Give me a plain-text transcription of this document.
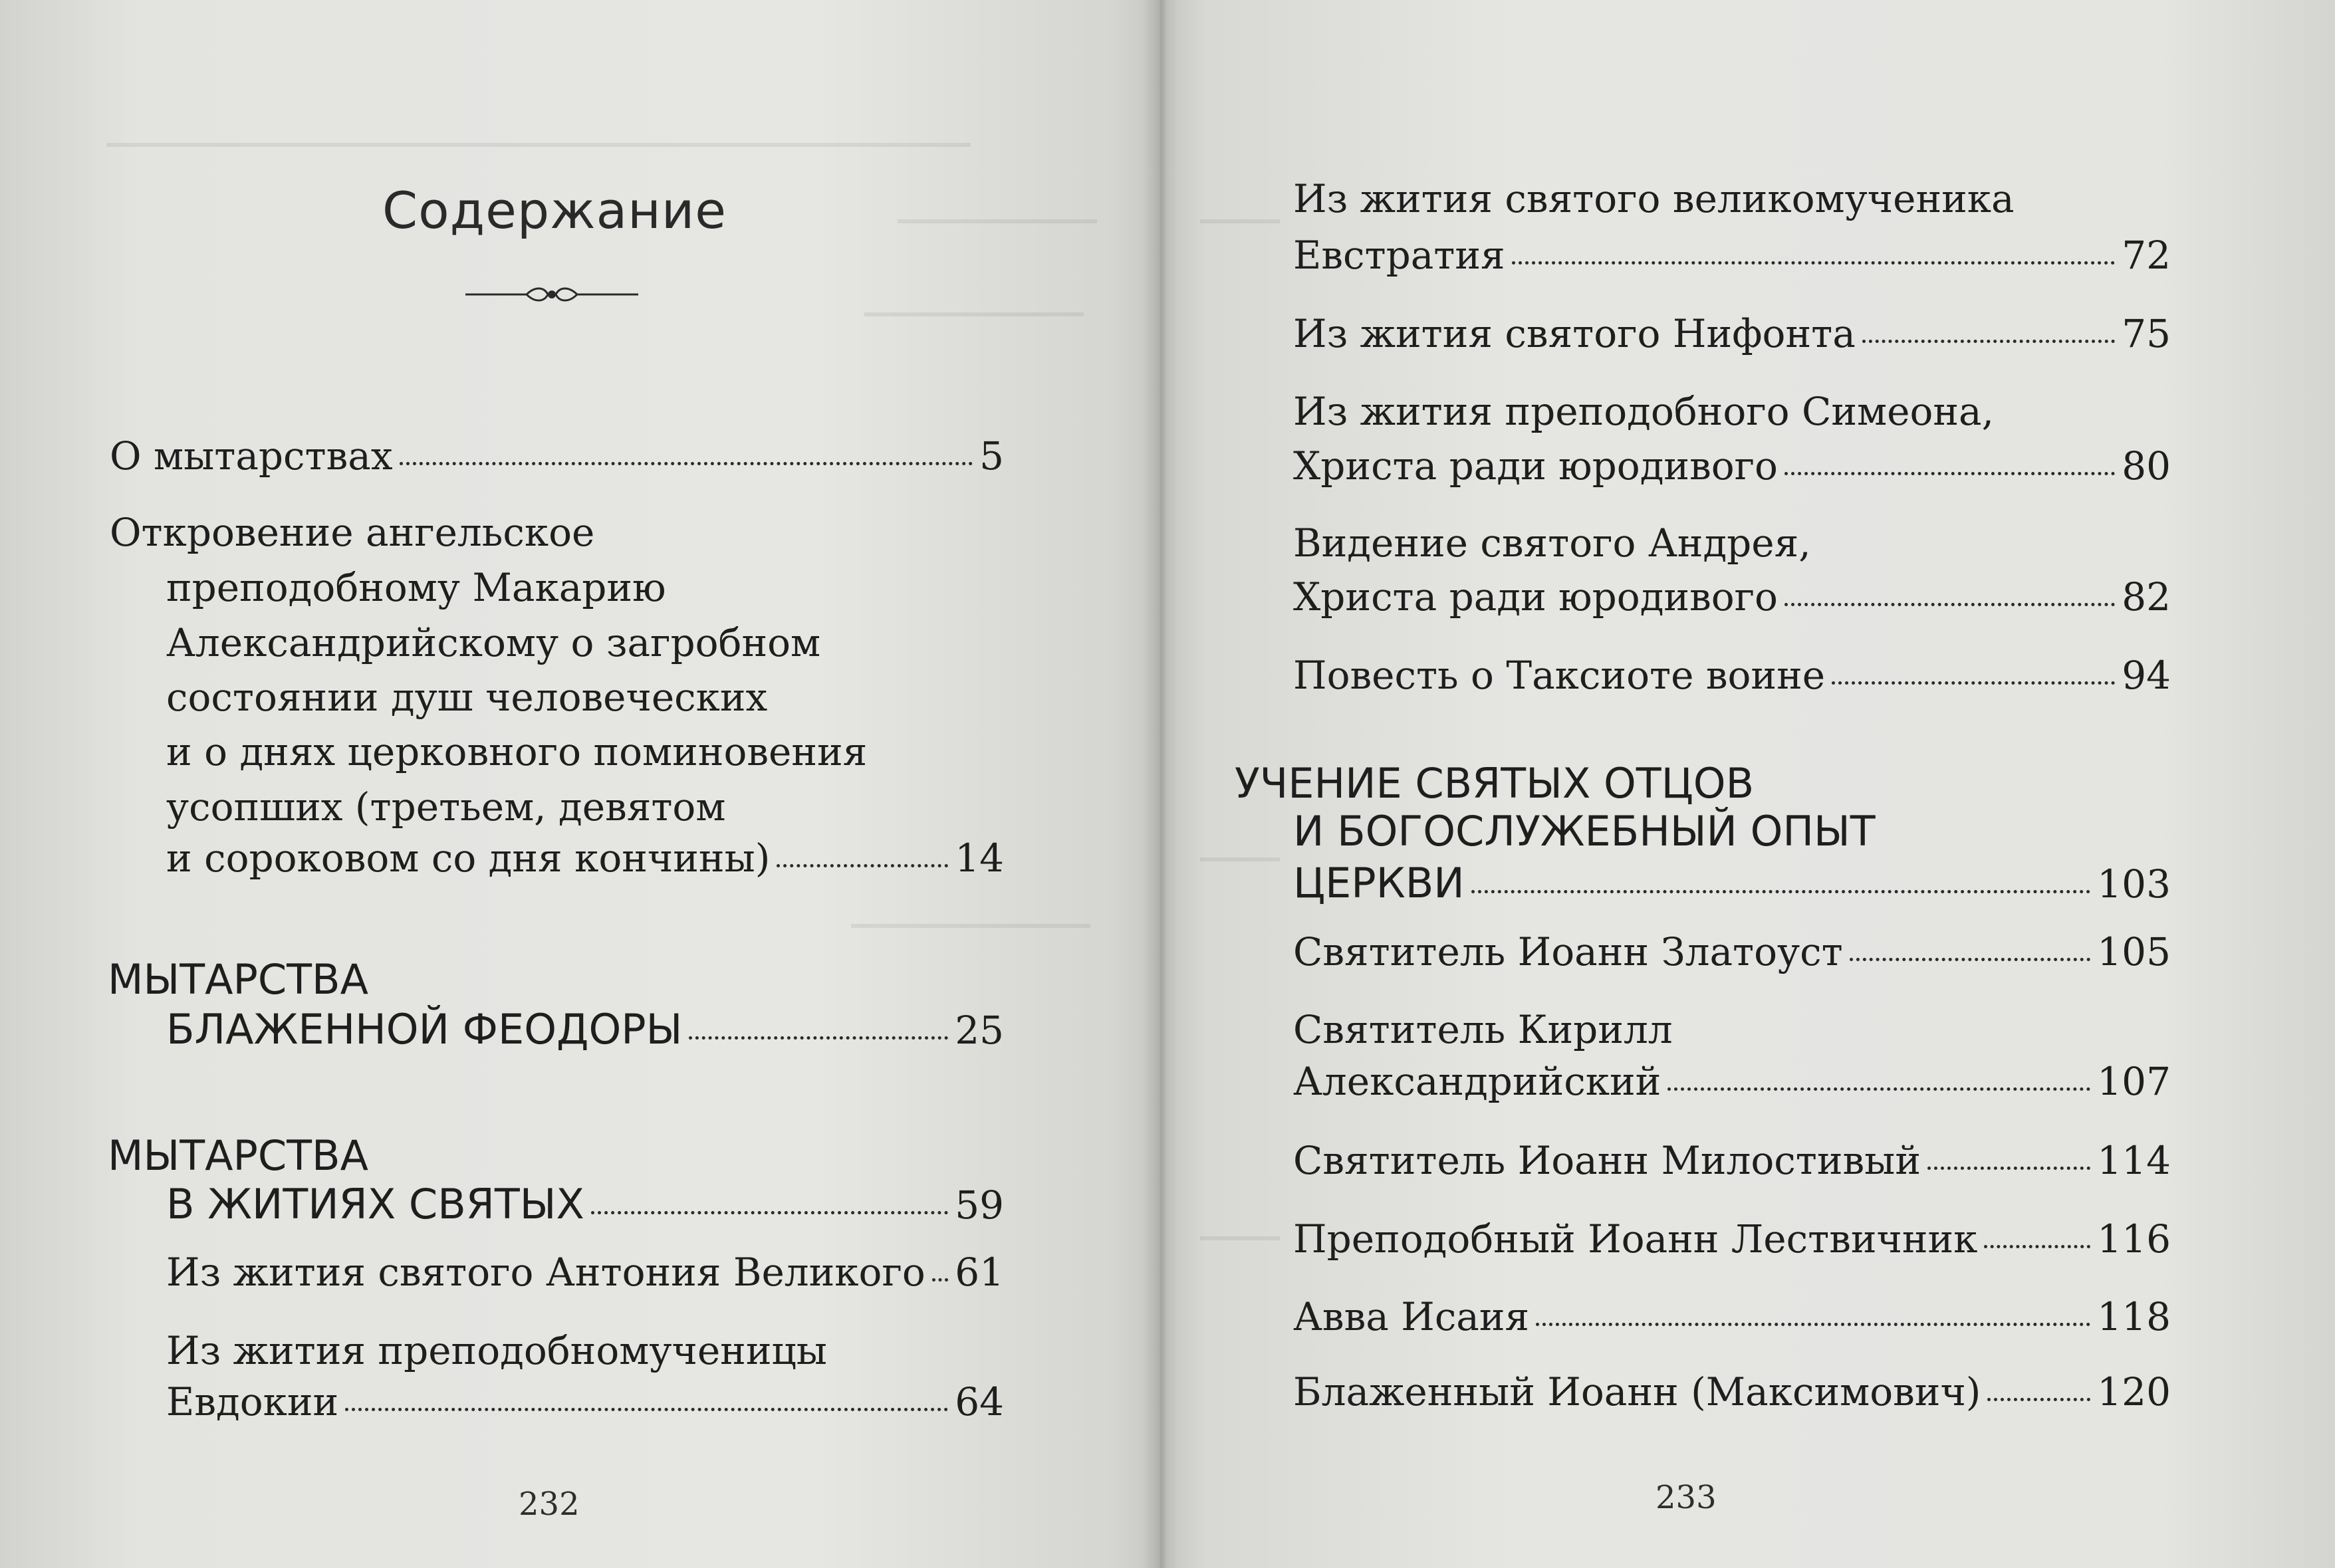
Содержание
О мытарствах	5
Откровение ангельское
преподобному Макарию
Александрийскому о загробном
состоянии душ человеческих
и о днях церковного поминовения
усопших (третьем, девятом
и сороковом со дня кончины)	14
МЫТАРСТВА
БЛАЖЕННОЙ ФЕОДОРЫ	25
МЫТАРСТВА
В ЖИТИЯХ СВЯТЫХ	59
Из жития святого Антония Великого 61
Из жития преподобномученицы
Евдокии	64
232
Из жития святого великомученика
Евстратия	72
Из жития святого Нифонта	75
Из жития преподобного Симеона,
Христа ради юродивого	80
Видение святого Андрея,
Христа ради юродивого	82
Повесть о Таксиоте воине	94
УЧЕНИЕ СВЯТЫХ ОТЦОВ
И БОГОСЛУЖЕБНЫЙ ОПЫТ
ЦЕРКВИ	103
Святитель Иоанн Златоуст	105
Святитель Кирилл
Александрийский	107
Святитель Иоанн Милостивый	114
Преподобный Иоанн Лествичник	116
Авва Исаия	118
Блаженный Иоанн (Максимович)	120
233
